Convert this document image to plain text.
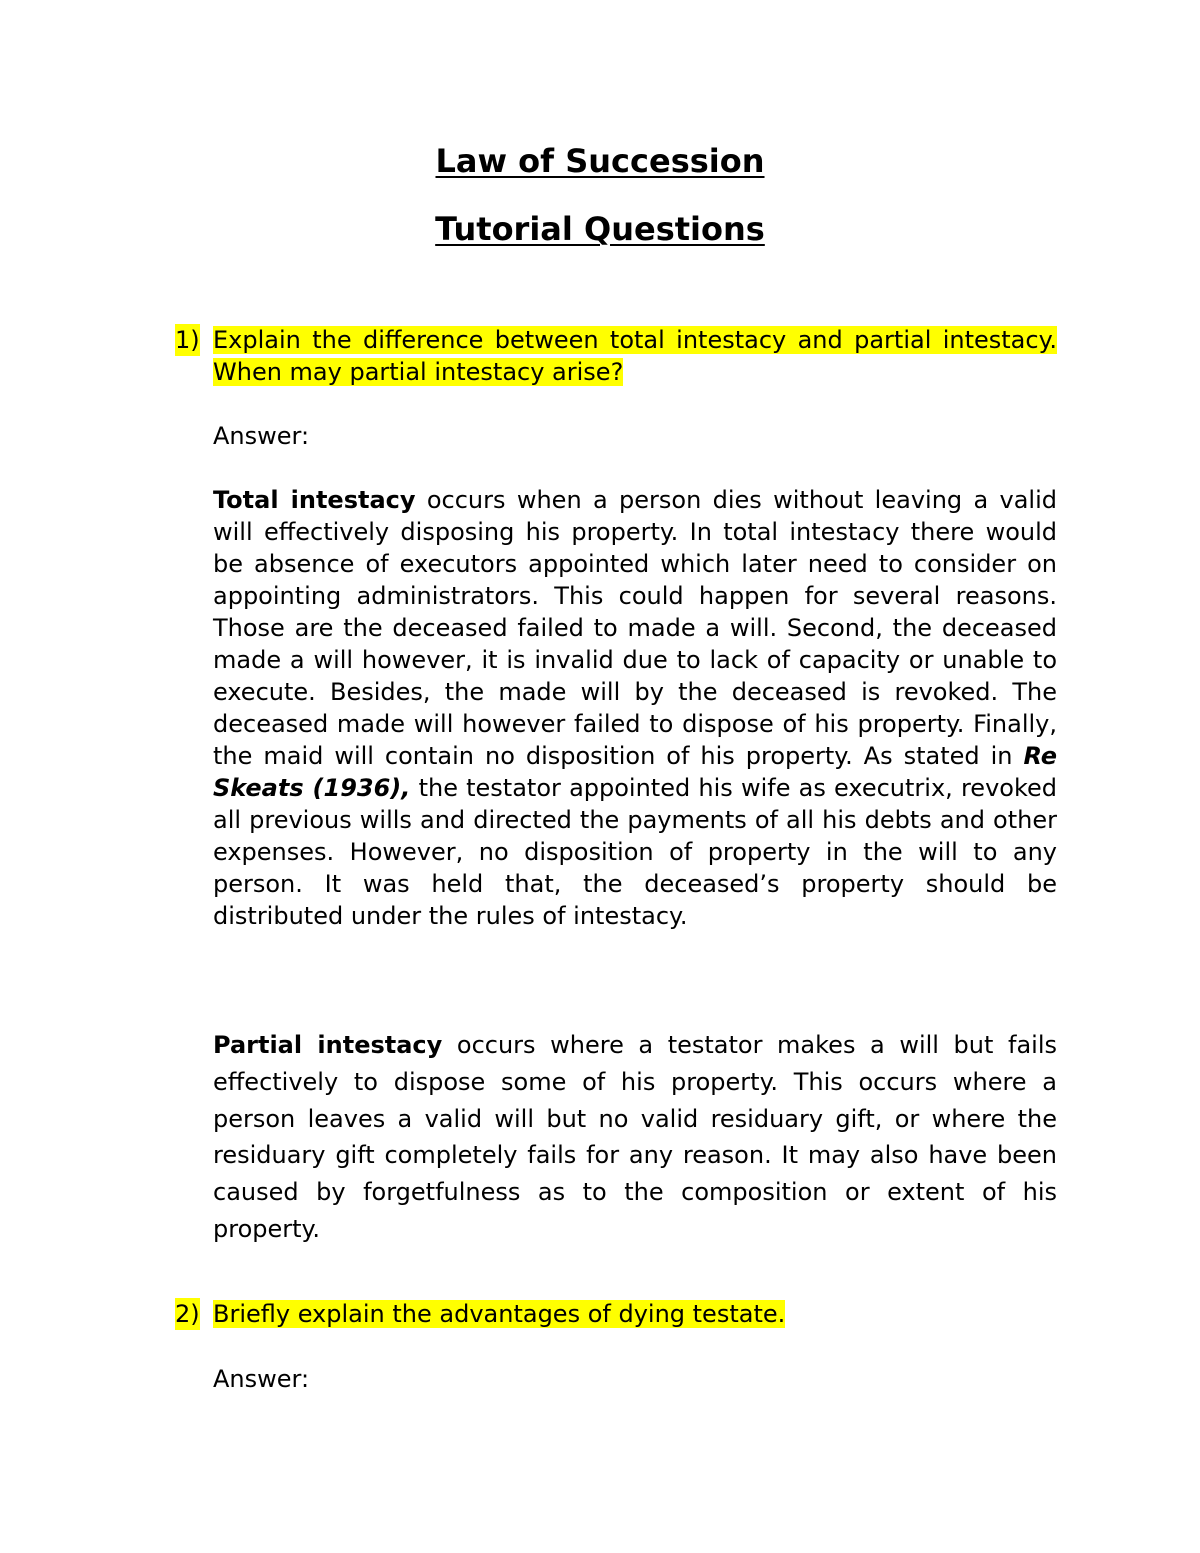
Law of Succession
Tutorial Questions
1) Explain the difference between total intestacy and partial intestacy. When may partial intestacy arise?
Answer:
Total intestacy occurs when a person dies without leaving a valid will effectively disposing his property. In total intestacy there would be absence of executors appointed which later need to consider on appointing administrators. This could happen for several reasons. Those are the deceased failed to made a will. Second, the deceased made a will however, it is invalid due to lack of capacity or unable to execute. Besides, the made will by the deceased is revoked. The deceased made will however failed to dispose of his property. Finally, the maid will contain no disposition of his property. As stated in Re Skeats (1936), the testator appointed his wife as executrix, revoked all previous wills and directed the payments of all his debts and other expenses. However, no disposition of property in the will to any person. It was held that, the deceased’s property should be distributed under the rules of intestacy.
Partial intestacy occurs where a testator makes a will but fails effectively to dispose some of his property. This occurs where a person leaves a valid will but no valid residuary gift, or where the residuary gift completely fails for any reason. It may also have been caused by forgetfulness as to the composition or extent of his property.
2) Briefly explain the advantages of dying testate.
Answer:
